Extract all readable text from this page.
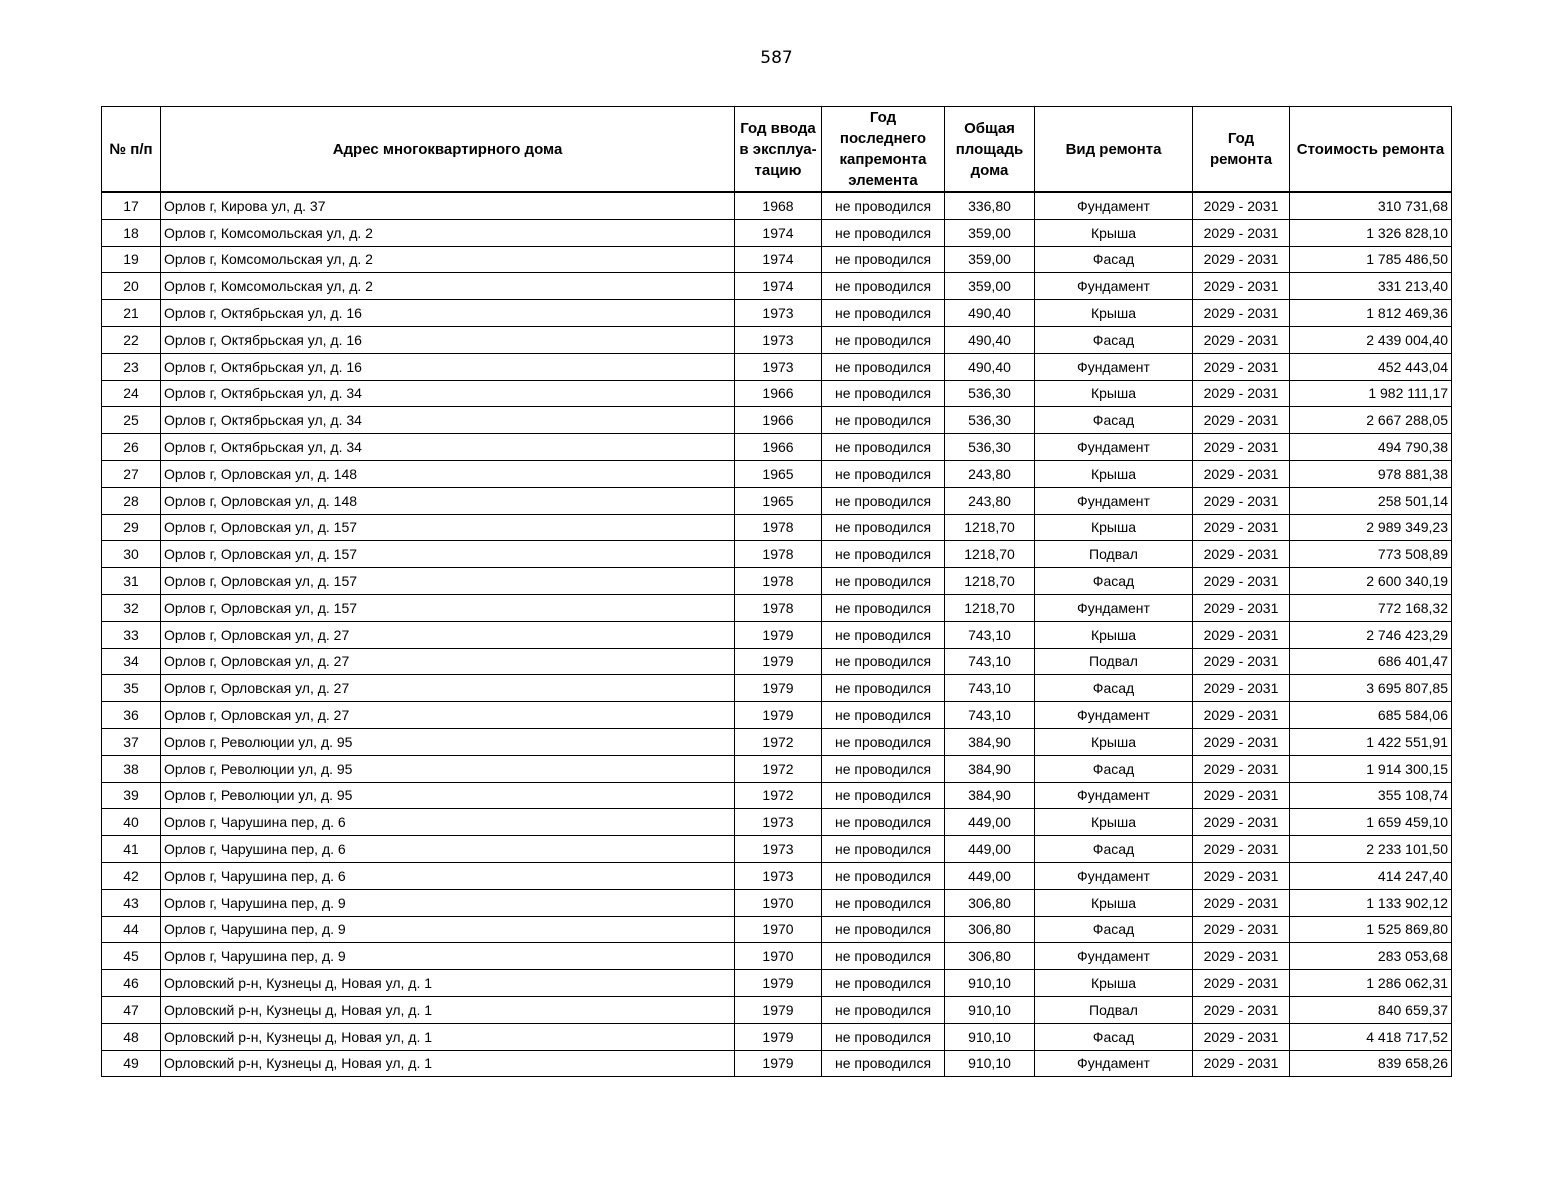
587
№ п/п	Адрес многоквартирного дома	Год ввода в эксплуа-тацию	Год последнего капремонта элемента	Общая площадь дома	Вид ремонта	Год ремонта	Стоимость ремонта
17	Орлов г, Кирова ул, д. 37	1968	не проводился	336,80	Фундамент	2029 - 2031	310 731,68
18	Орлов г, Комсомольская ул, д. 2	1974	не проводился	359,00	Крыша	2029 - 2031	1 326 828,10
19	Орлов г, Комсомольская ул, д. 2	1974	не проводился	359,00	Фасад	2029 - 2031	1 785 486,50
20	Орлов г, Комсомольская ул, д. 2	1974	не проводился	359,00	Фундамент	2029 - 2031	331 213,40
21	Орлов г, Октябрьская ул, д. 16	1973	не проводился	490,40	Крыша	2029 - 2031	1 812 469,36
22	Орлов г, Октябрьская ул, д. 16	1973	не проводился	490,40	Фасад	2029 - 2031	2 439 004,40
23	Орлов г, Октябрьская ул, д. 16	1973	не проводился	490,40	Фундамент	2029 - 2031	452 443,04
24	Орлов г, Октябрьская ул, д. 34	1966	не проводился	536,30	Крыша	2029 - 2031	1 982 111,17
25	Орлов г, Октябрьская ул, д. 34	1966	не проводился	536,30	Фасад	2029 - 2031	2 667 288,05
26	Орлов г, Октябрьская ул, д. 34	1966	не проводился	536,30	Фундамент	2029 - 2031	494 790,38
27	Орлов г, Орловская ул, д. 148	1965	не проводился	243,80	Крыша	2029 - 2031	978 881,38
28	Орлов г, Орловская ул, д. 148	1965	не проводился	243,80	Фундамент	2029 - 2031	258 501,14
29	Орлов г, Орловская ул, д. 157	1978	не проводился	1218,70	Крыша	2029 - 2031	2 989 349,23
30	Орлов г, Орловская ул, д. 157	1978	не проводился	1218,70	Подвал	2029 - 2031	773 508,89
31	Орлов г, Орловская ул, д. 157	1978	не проводился	1218,70	Фасад	2029 - 2031	2 600 340,19
32	Орлов г, Орловская ул, д. 157	1978	не проводился	1218,70	Фундамент	2029 - 2031	772 168,32
33	Орлов г, Орловская ул, д. 27	1979	не проводился	743,10	Крыша	2029 - 2031	2 746 423,29
34	Орлов г, Орловская ул, д. 27	1979	не проводился	743,10	Подвал	2029 - 2031	686 401,47
35	Орлов г, Орловская ул, д. 27	1979	не проводился	743,10	Фасад	2029 - 2031	3 695 807,85
36	Орлов г, Орловская ул, д. 27	1979	не проводился	743,10	Фундамент	2029 - 2031	685 584,06
37	Орлов г, Революции ул, д. 95	1972	не проводился	384,90	Крыша	2029 - 2031	1 422 551,91
38	Орлов г, Революции ул, д. 95	1972	не проводился	384,90	Фасад	2029 - 2031	1 914 300,15
39	Орлов г, Революции ул, д. 95	1972	не проводился	384,90	Фундамент	2029 - 2031	355 108,74
40	Орлов г, Чарушина пер, д. 6	1973	не проводился	449,00	Крыша	2029 - 2031	1 659 459,10
41	Орлов г, Чарушина пер, д. 6	1973	не проводился	449,00	Фасад	2029 - 2031	2 233 101,50
42	Орлов г, Чарушина пер, д. 6	1973	не проводился	449,00	Фундамент	2029 - 2031	414 247,40
43	Орлов г, Чарушина пер, д. 9	1970	не проводился	306,80	Крыша	2029 - 2031	1 133 902,12
44	Орлов г, Чарушина пер, д. 9	1970	не проводился	306,80	Фасад	2029 - 2031	1 525 869,80
45	Орлов г, Чарушина пер, д. 9	1970	не проводился	306,80	Фундамент	2029 - 2031	283 053,68
46	Орловский р-н, Кузнецы д, Новая ул, д. 1	1979	не проводился	910,10	Крыша	2029 - 2031	1 286 062,31
47	Орловский р-н, Кузнецы д, Новая ул, д. 1	1979	не проводился	910,10	Подвал	2029 - 2031	840 659,37
48	Орловский р-н, Кузнецы д, Новая ул, д. 1	1979	не проводился	910,10	Фасад	2029 - 2031	4 418 717,52
49	Орловский р-н, Кузнецы д, Новая ул, д. 1	1979	не проводился	910,10	Фундамент	2029 - 2031	839 658,26
